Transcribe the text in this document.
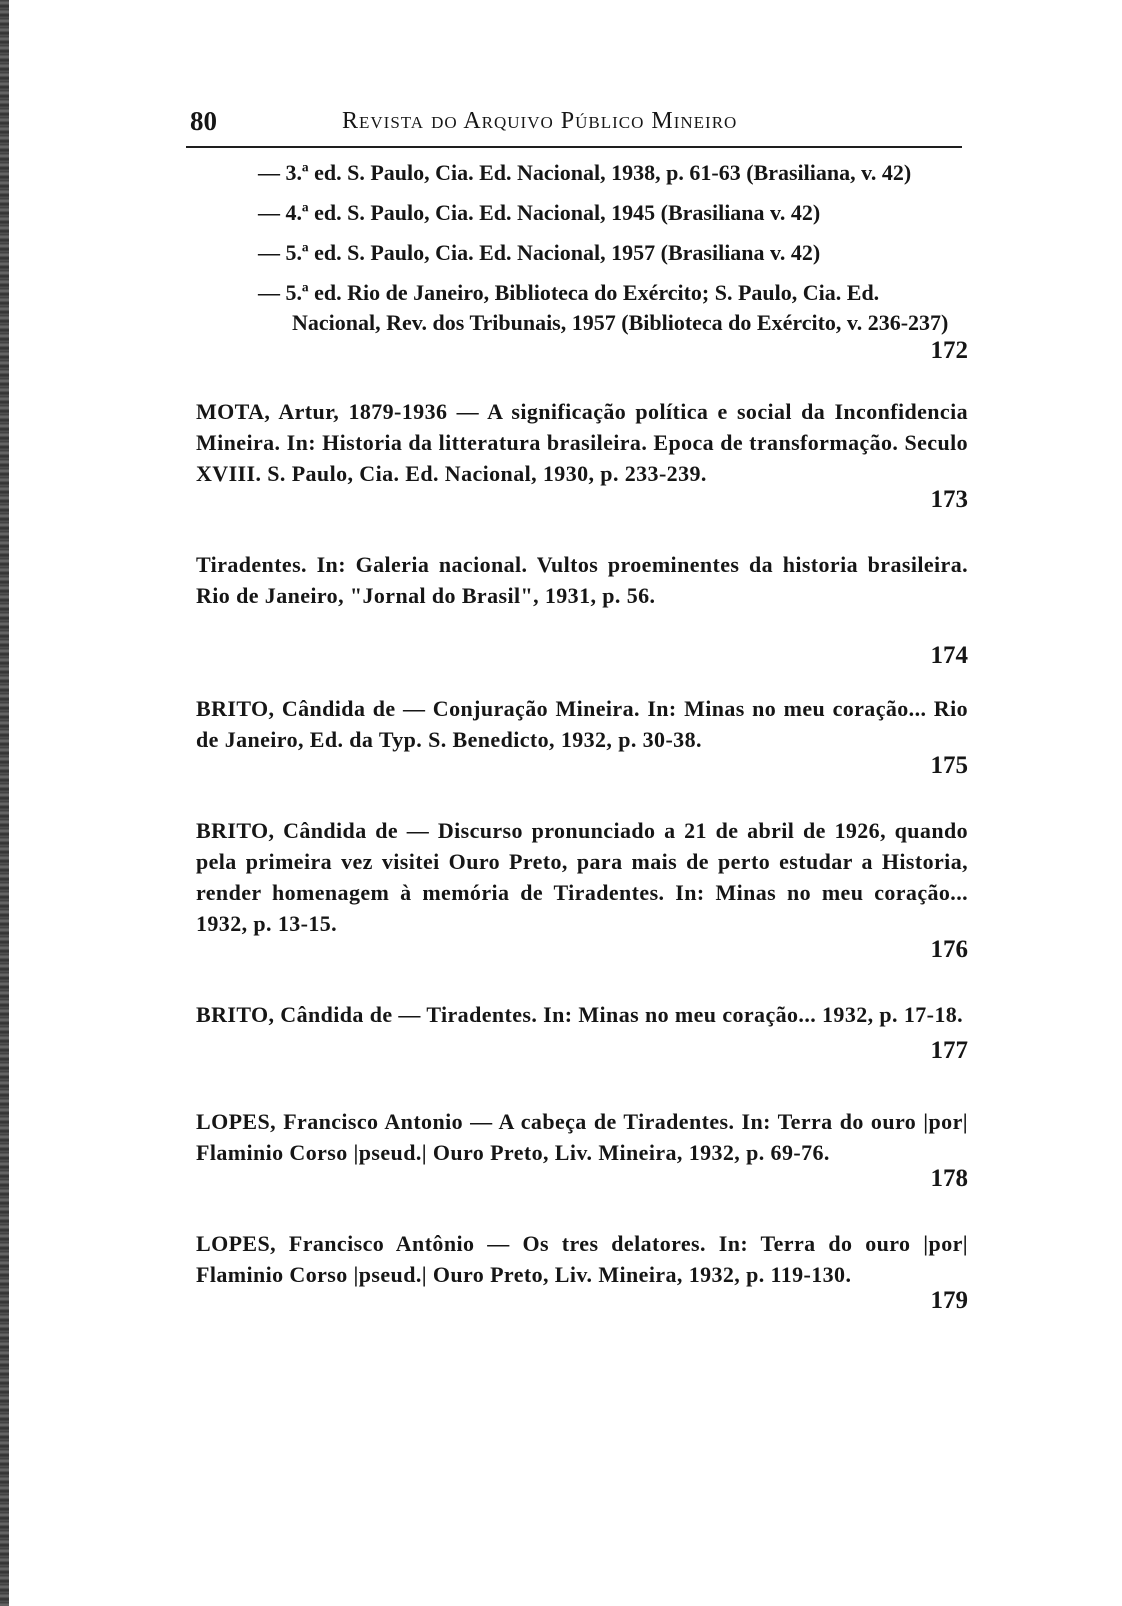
80	Revista do Arquivo Público Mineiro

— 3.ª ed. S. Paulo, Cia. Ed. Nacional, 1938, p. 61-63 (Brasiliana, v. 42)

— 4.ª ed. S. Paulo, Cia. Ed. Nacional, 1945 (Brasiliana v. 42)

— 5.ª ed. S. Paulo, Cia. Ed. Nacional, 1957 (Brasiliana v. 42)

— 5.ª ed. Rio de Janeiro, Biblioteca do Exército; S. Paulo, Cia. Ed. Nacional, Rev. dos Tribunais, 1957 (Biblioteca do Exército, v. 236-237)

172

MOTA, Artur, 1879-1936 — A significação política e social da Inconfidencia Mineira. In: Historia da litteratura brasileira. Epoca de transformação. Seculo XVIII. S. Paulo, Cia. Ed. Nacional, 1930, p. 233-239.

173

Tiradentes. In: Galeria nacional. Vultos proeminentes da historia brasileira. Rio de Janeiro, "Jornal do Brasil", 1931, p. 56.

174

BRITO, Cândida de — Conjuração Mineira. In: Minas no meu coração... Rio de Janeiro, Ed. da Typ. S. Benedicto, 1932, p. 30-38.

175

BRITO, Cândida de — Discurso pronunciado a 21 de abril de 1926, quando pela primeira vez visitei Ouro Preto, para mais de perto estudar a Historia, render homenagem à memória de Tiradentes. In: Minas no meu coração... 1932, p. 13-15.

176

BRITO, Cândida de — Tiradentes. In: Minas no meu coração... 1932, p. 17-18.

177

LOPES, Francisco Antonio — A cabeça de Tiradentes. In: Terra do ouro |por| Flaminio Corso |pseud.| Ouro Preto, Liv. Mineira, 1932, p. 69-76.

178

LOPES, Francisco Antônio — Os tres delatores. In: Terra do ouro |por| Flaminio Corso |pseud.| Ouro Preto, Liv. Mineira, 1932, p. 119-130.

179
